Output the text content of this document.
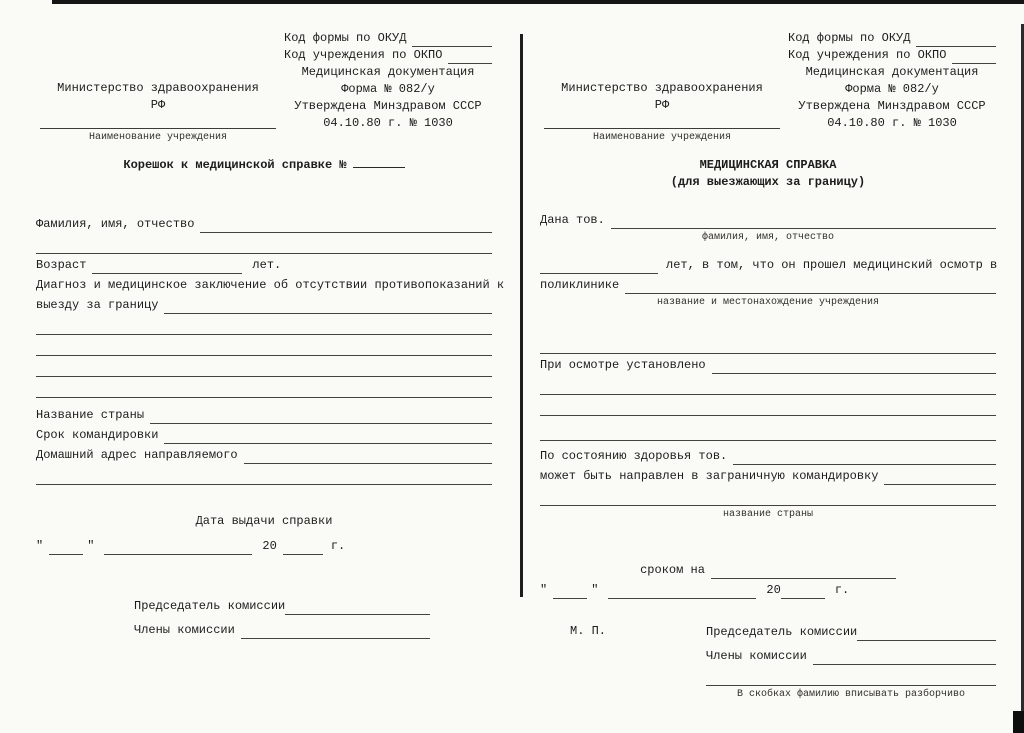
Министерство здравоохранения
РФ
Наименование учреждения
Код формы по ОКУД
Код учреждения по ОКПО
Медицинская документация
Форма № 082/у
Утверждена Минздравом СССР
04.10.80 г. № 1030
Корешок к медицинской справке №
Фамилия, имя, отчество
Возраст	лет.
Диагноз и медицинское заключение об отсутствии противопоказаний к
выезду за границу
Название страны
Срок командировки
Домашний адрес направляемого
Дата выдачи справки
"	"	20	г.
Председатель комиссии
Члены комиссии
Министерство здравоохранения
РФ
Наименование учреждения
Код формы по ОКУД
Код учреждения по ОКПО
Медицинская документация
Форма № 082/у
Утверждена Минздравом СССР
04.10.80 г. № 1030
МЕДИЦИНСКАЯ СПРАВКА
(для выезжающих за границу)
Дана тов.
фамилия, имя, отчество
лет, в том, что он прошел медицинский осмотр в
поликлинике
название и местонахождение учреждения
При осмотре установлено
По состоянию здоровья тов.
может быть направлен в заграничную командировку
название страны
сроком на
"	"	20	г.
М. П.	Председатель комиссии
Члены комиссии
В скобках фамилию вписывать разборчиво
